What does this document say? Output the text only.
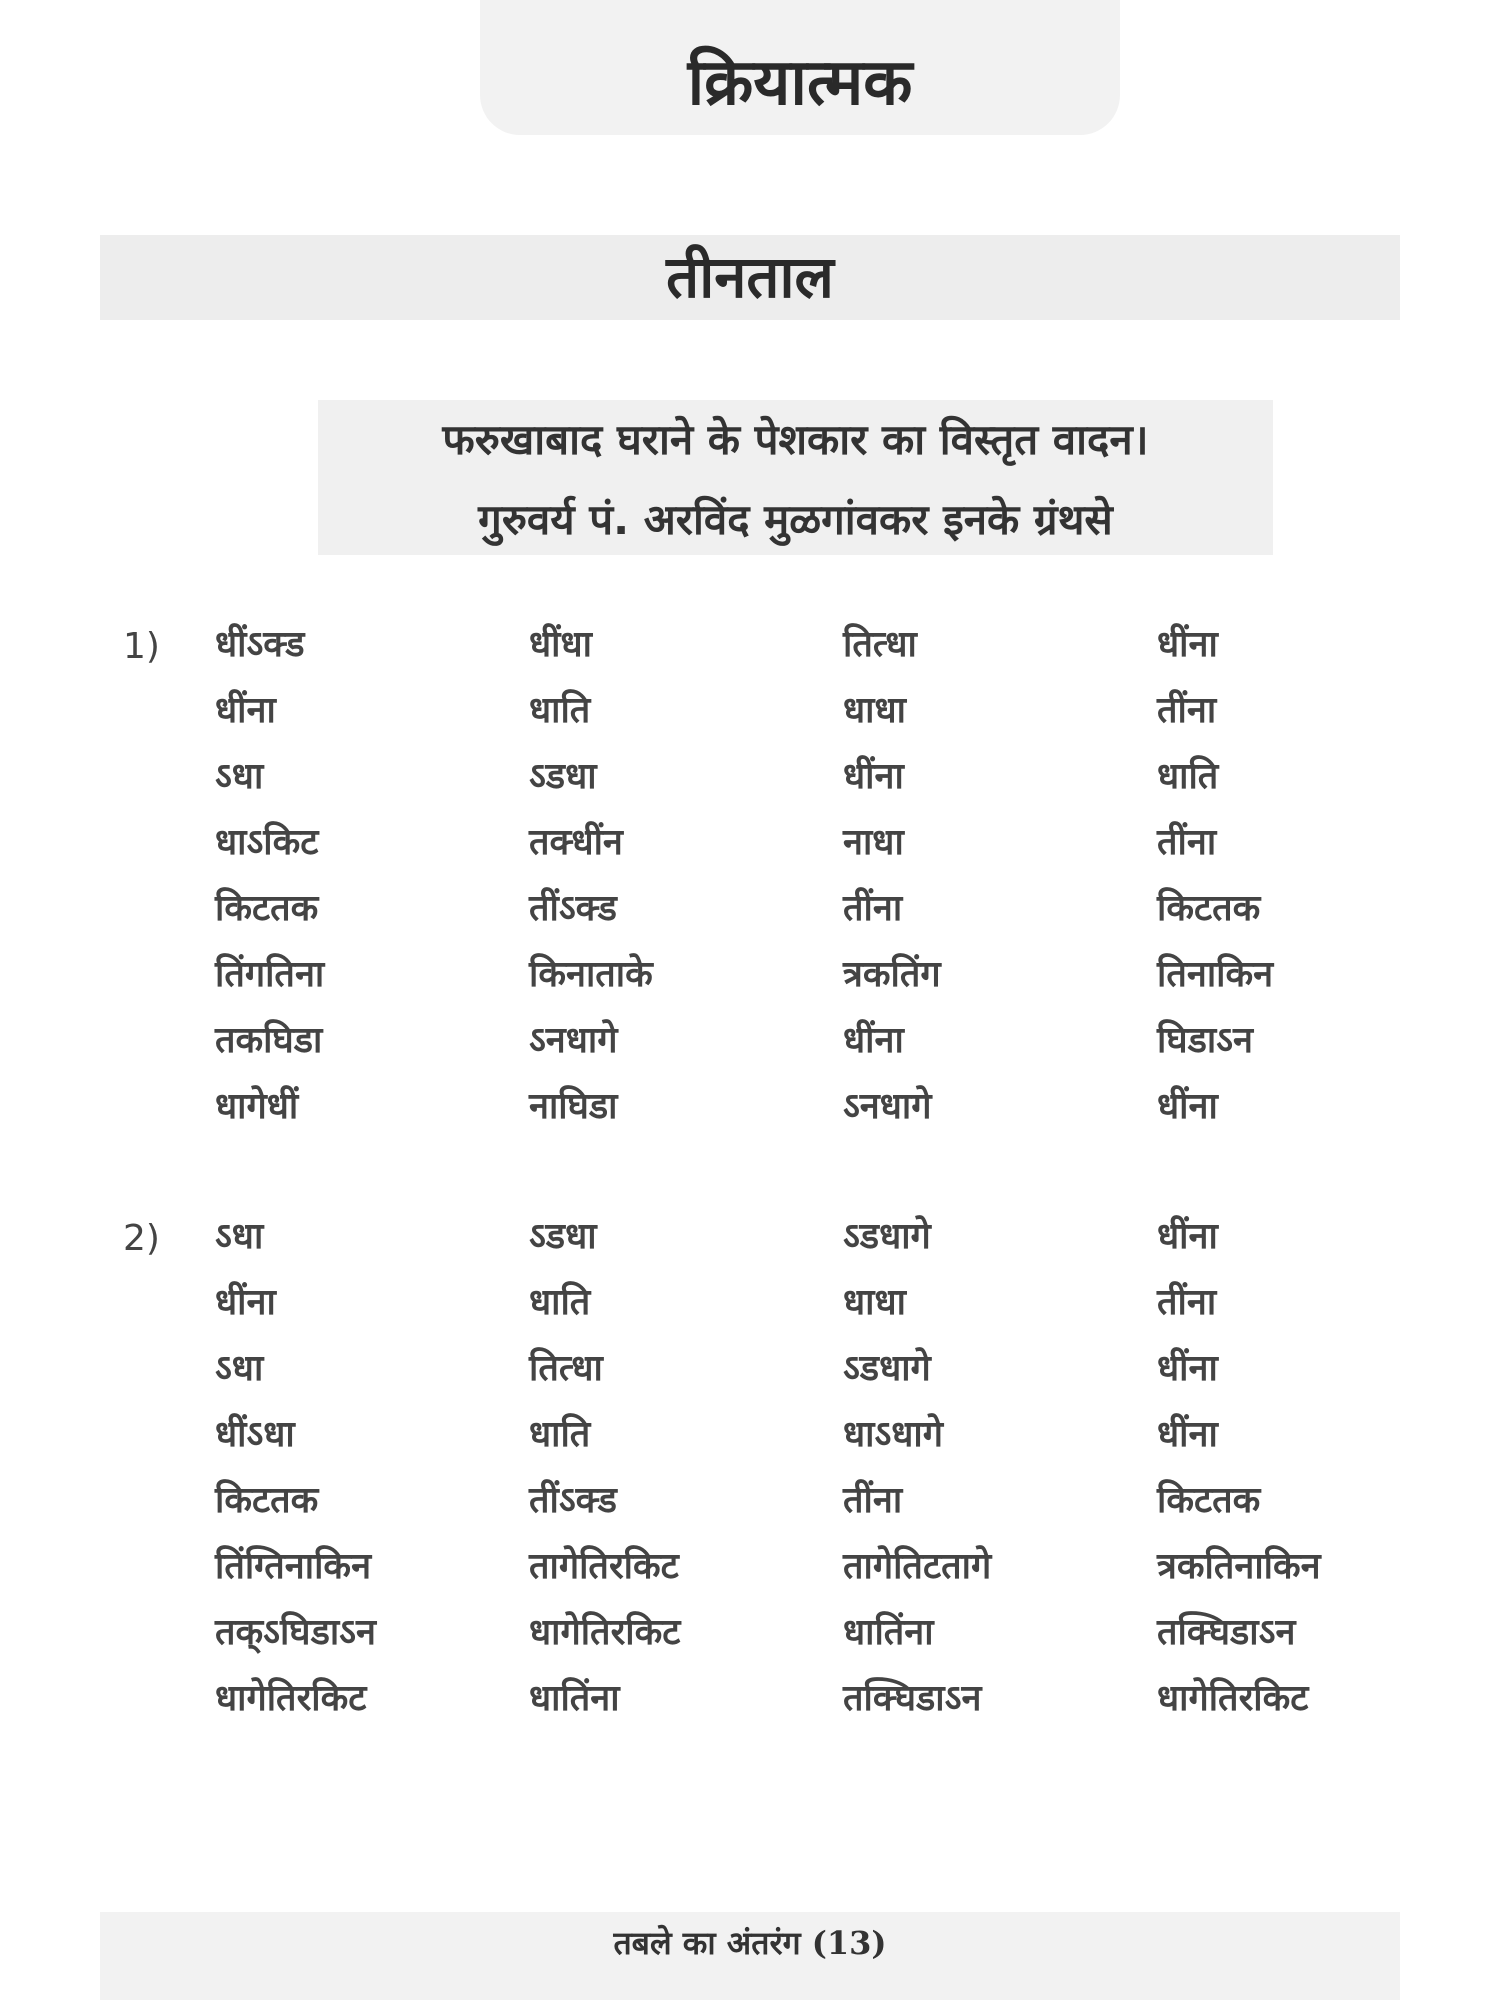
क्रियात्मक
तीनताल
फरुखाबाद घराने के पेशकार का विस्तृत वादन।
गुरुवर्य पं. अरविंद मुळगांवकर इनके ग्रंथसे
1) धींऽक्ड	धींधा	तित्धा	धींना
धींना	धाति	धाधा	तींना
ऽधा	ऽडधा	धींना	धाति
धाऽकिट	तक्धींन	नाधा	तींना
किटतक	तींऽक्ड	तींना	किटतक
तिंगतिना	किनाताके	त्रकतिंग	तिनाकिन
तकघिडा	ऽनधागे	धींना	घिडाऽन
धागेधीं	नाघिडा	ऽनधागे	धींना
2) ऽधा	ऽडधा	ऽडधागे	धींना
धींना	धाति	धाधा	तींना
ऽधा	तित्धा	ऽडधागे	धींना
धींऽधा	धाति	धाऽधागे	धींना
किटतक	तींऽक्ड	तींना	किटतक
तिंग्तिनाकिन	तागेतिरकिट	तागेतिटतागे	त्रकतिनाकिन
तक्ऽघिडाऽन	धागेतिरकिट	धातिंना	तक्घिडाऽन
धागेतिरकिट	धातिंना	तक्घिडाऽन	धागेतिरकिट
तबले का अंतरंग (13)
